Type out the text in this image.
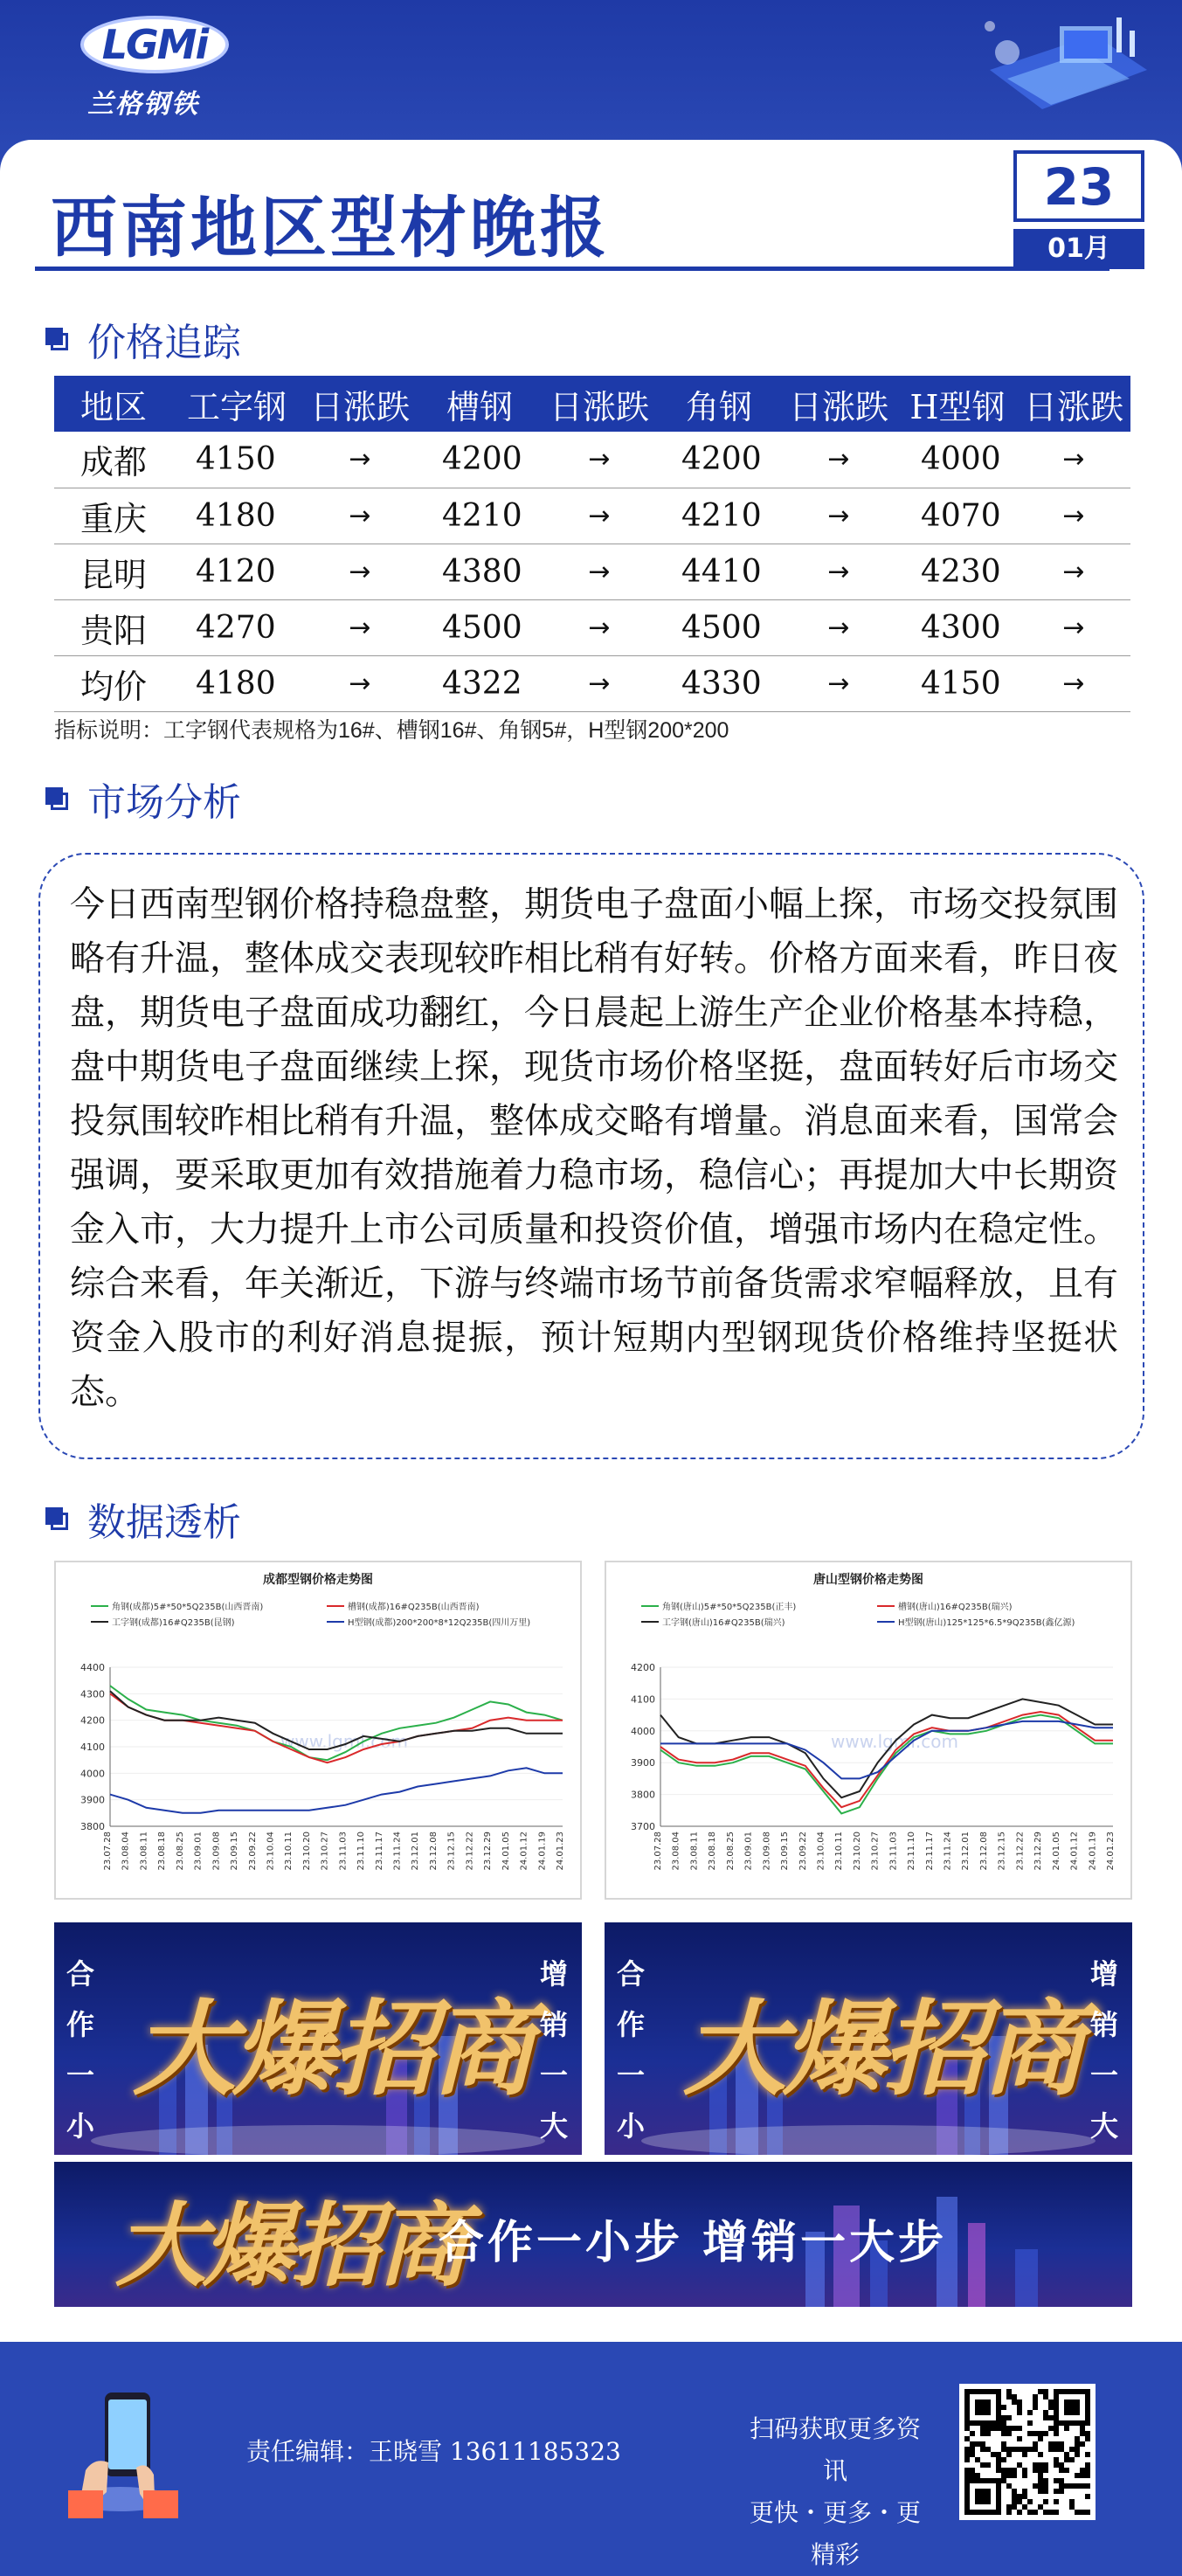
LGMi
兰格钢铁
西南地区型材晚报
23
01月
价格追踪
地区	工字钢	日涨跌	槽钢	日涨跌	角钢	日涨跌	H型钢	日涨跌
成都	4150	→	4200	→	4200	→	4000	→
重庆	4180	→	4210	→	4210	→	4070	→
昆明	4120	→	4380	→	4410	→	4230	→
贵阳	4270	→	4500	→	4500	→	4300	→
均价	4180	→	4322	→	4330	→	4150	→
指标说明：工字钢代表规格为16#、槽钢16#、角钢5#，H型钢200*200
市场分析

今日西南型钢价格持稳盘整，期货电子盘面小幅上探，市场交投氛围略有升温，整体成交表现较昨相比稍有好转。价格方面来看，昨日夜盘，期货电子盘面成功翻红，今日晨起上游生产企业价格基本持稳，盘中期货电子盘面继续上探，现货市场价格坚挺，盘面转好后市场交投氛围较昨相比稍有升温，整体成交略有增量。消息面来看，国常会强调，要采取更加有效措施着力稳市场，稳信心；再提加大中长期资金入市，大力提升上市公司质量和投资价值，增强市场内在稳定性。综合来看，年关渐近，下游与终端市场节前备货需求窄幅释放，且有资金入股市的利好消息提振，预计短期内型钢现货价格维持坚挺状态。

数据透析
成都型钢价格走势图
角钢(成都)5#*50*5Q235B(山西晋南)	槽钢(成都)16#Q235B(山西晋南)
工字钢(成都)16#Q235B(昆钢)	H型钢(成都)200*200*8*12Q235B(四川万里)
www.lgmi.com
3800
3900
4000
4100
4200
4300
4400
23.07.28 23.08.04 23.08.11 23.08.18 23.08.25 23.09.01 23.09.08 23.09.15 23.09.22 23.10.04 23.10.11 23.10.20 23.10.27 23.11.03 23.11.10 23.11.17 23.11.24 23.12.01 23.12.08 23.12.15 23.12.22 23.12.29 24.01.05 24.01.12 24.01.19 24.01.23
唐山型钢价格走势图
角钢(唐山)5#*50*5Q235B(正丰)	槽钢(唐山)16#Q235B(瑞兴)
工字钢(唐山)16#Q235B(瑞兴)	H型钢(唐山)125*125*6.5*9Q235B(鑫亿源)
www.lgmi.com
3700
3800
3900
4000
4100
4200
23.07.28 23.08.04 23.08.11 23.08.18 23.08.25 23.09.01 23.09.08 23.09.15 23.09.22 23.10.04 23.10.11 23.10.20 23.10.27 23.11.03 23.11.10 23.11.17 23.11.24 23.12.01 23.12.08 23.12.15 23.12.22 23.12.29 24.01.05 24.01.12 24.01.19 24.01.23
合
作
一
小
大爆招商
增
销
一
大
合
作
一
小
大爆招商
增
销
一
大
大爆招商
合作一小步 增销一大步
责任编辑：王晓雪 13611185323
扫码获取更多资讯
更快・更多・更精彩
